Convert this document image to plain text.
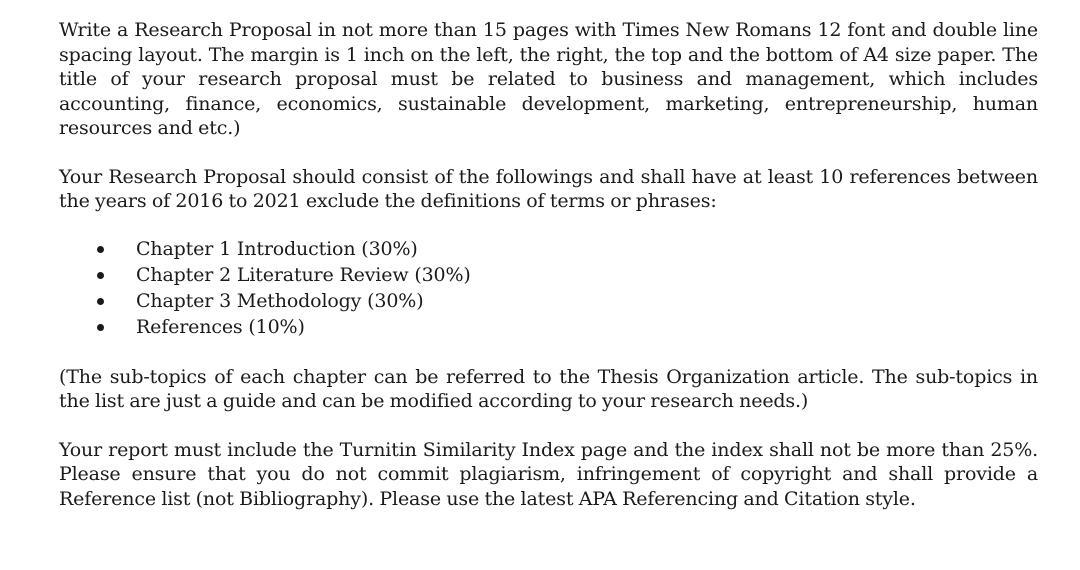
Write a Research Proposal in not more than 15 pages with Times New Romans 12 font and double line spacing layout. The margin is 1 inch on the left, the right, the top and the bottom of A4 size paper. The title of your research proposal must be related to business and management, which includes accounting, finance, economics, sustainable development, marketing, entrepreneurship, human resources and etc.)

Your Research Proposal should consist of the followings and shall have at least 10 references between the years of 2016 to 2021 exclude the definitions of terms or phrases:

Chapter 1 Introduction (30%)
Chapter 2 Literature Review (30%)
Chapter 3 Methodology (30%)
References (10%)

(The sub-topics of each chapter can be referred to the Thesis Organization article. The sub-topics in the list are just a guide and can be modified according to your research needs.)

Your report must include the Turnitin Similarity Index page and the index shall not be more than 25%. Please ensure that you do not commit plagiarism, infringement of copyright and shall provide a Reference list (not Bibliography). Please use the latest APA Referencing and Citation style.
